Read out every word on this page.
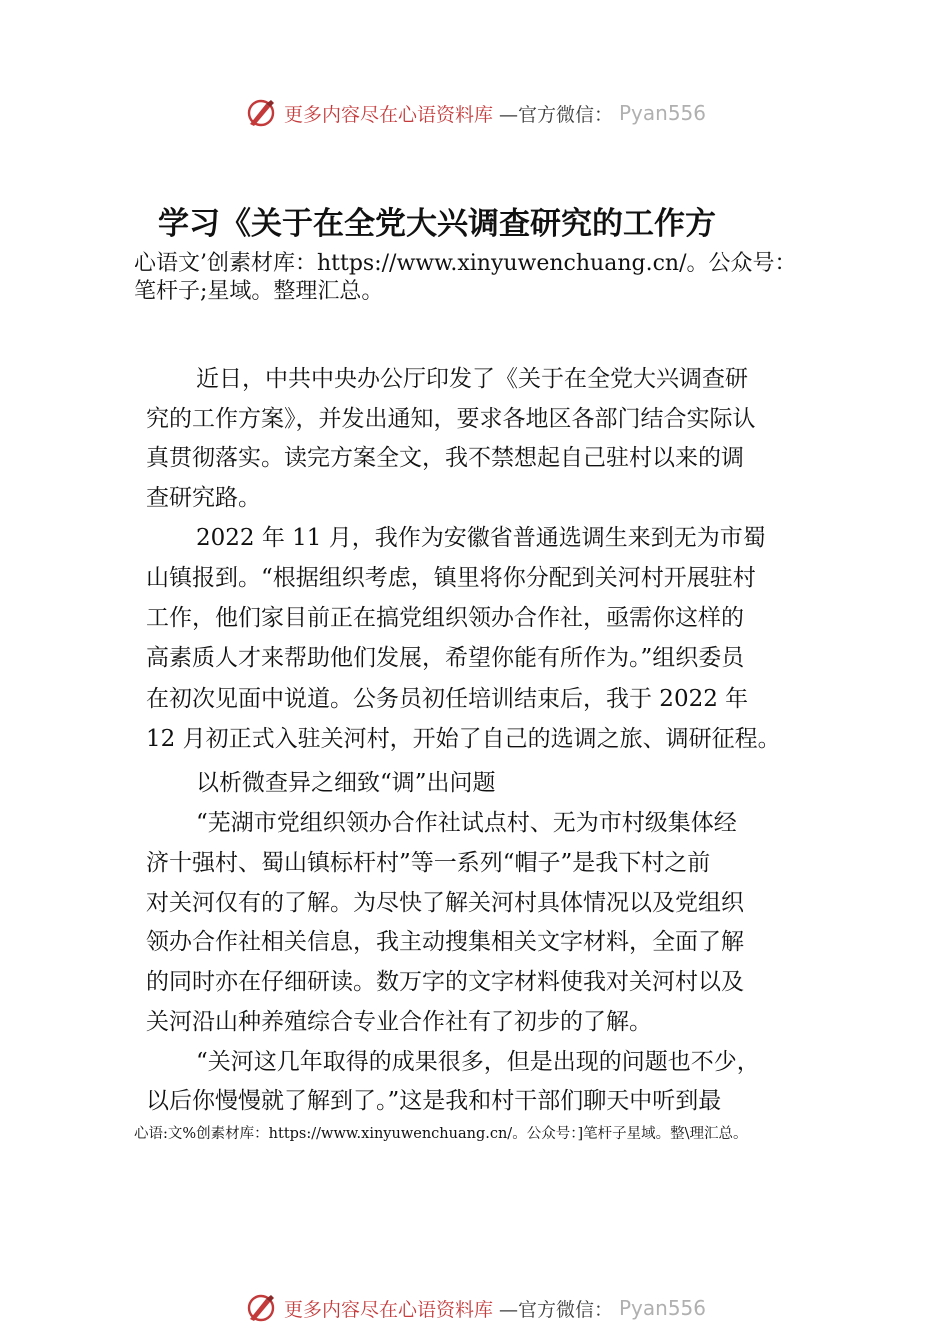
更多内容尽在心语资料库 —官方微信： Pyan556
学习《关于在全党大兴调查研究的工作方
心语文’创素材库：https://www.xinyuwenchuang.cn/。公众号：
笔杆子;星域。整理汇总。
近日，中共中央办公厅印发了《关于在全党大兴调查研
究的工作方案》，并发出通知，要求各地区各部门结合实际认
真贯彻落实。读完方案全文，我不禁想起自己驻村以来的调
查研究路。
2022 年 11 月，我作为安徽省普通选调生来到无为市蜀
山镇报到。“根据组织考虑，镇里将你分配到关河村开展驻村
工作，他们家目前正在搞党组织领办合作社，亟需你这样的
高素质人才来帮助他们发展，希望你能有所作为。”组织委员
在初次见面中说道。公务员初任培训结束后，我于 2022 年
12 月初正式入驻关河村，开始了自己的选调之旅、调研征程。
以析微查异之细致“调”出问题
“芜湖市党组织领办合作社试点村、无为市村级集体经
济十强村、蜀山镇标杆村”等一系列“帽子”是我下村之前
对关河仅有的了解。为尽快了解关河村具体情况以及党组织
领办合作社相关信息，我主动搜集相关文字材料，全面了解
的同时亦在仔细研读。数万字的文字材料使我对关河村以及
关河沿山种养殖综合专业合作社有了初步的了解。
“关河这几年取得的成果很多，但是出现的问题也不少，
以后你慢慢就了解到了。”这是我和村干部们聊天中听到最
心语:文%创素材库：https://www.xinyuwenchuang.cn/。公众号：]笔杆子星域。整\理汇总。
更多内容尽在心语资料库 —官方微信： Pyan556
